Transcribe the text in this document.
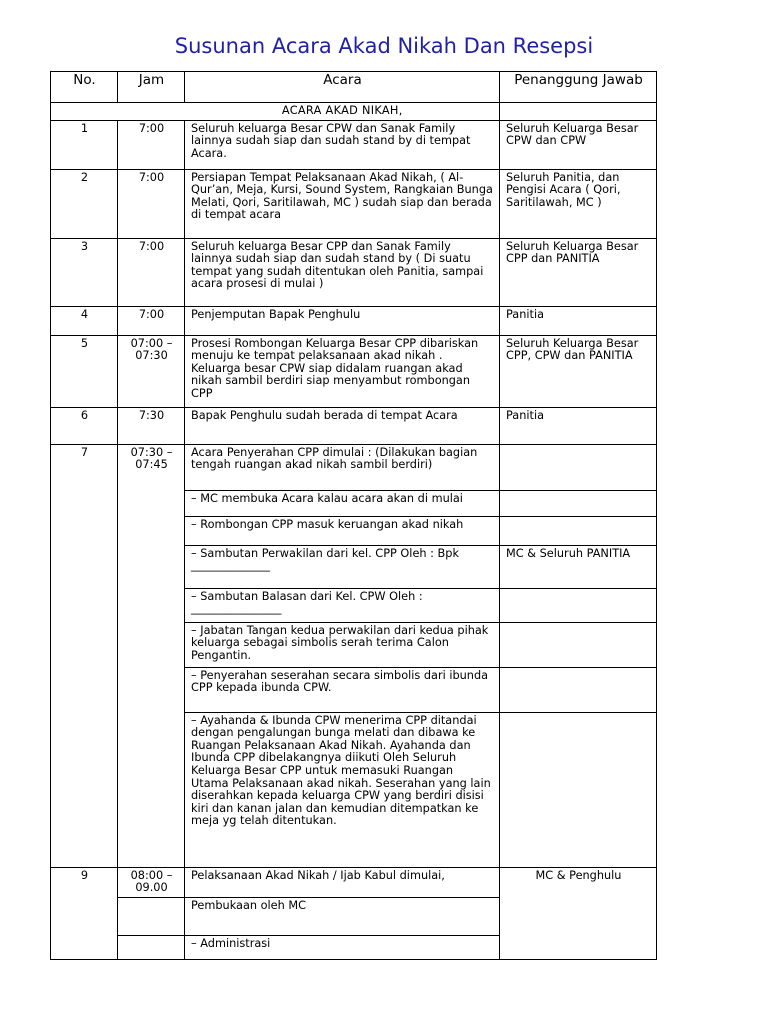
Susunan Acara Akad Nikah Dan Resepsi
No.	Jam	Acara	Penanggung Jawab
		ACARA AKAD NIKAH,	
1	7:00	Seluruh keluarga Besar CPW dan Sanak Family lainnya sudah siap dan sudah stand by di tempat Acara.	Seluruh Keluarga Besar CPW dan CPW
2	7:00	Persiapan Tempat Pelaksanaan Akad Nikah, ( Al-Qur’an, Meja, Kursi, Sound System, Rangkaian Bunga Melati, Qori, Saritilawah, MC ) sudah siap dan berada di tempat acara	Seluruh Panitia, dan Pengisi Acara ( Qori, Saritilawah, MC )
3	7:00	Seluruh keluarga Besar CPP dan Sanak Family lainnya sudah siap dan sudah stand by ( Di suatu tempat yang sudah ditentukan oleh Panitia, sampai acara prosesi di mulai )	Seluruh Keluarga Besar CPP dan PANITIA
4	7:00	Penjemputan Bapak Penghulu	Panitia
5	07:00 – 07:30	Prosesi Rombongan Keluarga Besar CPP dibariskan menuju ke tempat pelaksanaan akad nikah . Keluarga besar CPW siap didalam ruangan akad nikah sambil berdiri siap menyambut rombongan CPP	Seluruh Keluarga Besar CPP, CPW dan PANITIA
6	7:30	Bapak Penghulu sudah berada di tempat Acara	Panitia
7	07:30 – 07:45	Acara Penyerahan CPP dimulai : (Dilakukan bagian tengah ruangan akad nikah sambil berdiri)	
		– MC membuka Acara kalau acara akan di mulai	
		– Rombongan CPP masuk keruangan akad nikah	
		– Sambutan Perwakilan dari kel. CPP Oleh : Bpk ______________	MC & Seluruh PANITIA
		– Sambutan Balasan dari Kel. CPW Oleh : ________________	
		– Jabatan Tangan kedua perwakilan dari kedua pihak keluarga sebagai simbolis serah terima Calon Pengantin.	
		– Penyerahan seserahan secara simbolis dari ibunda CPP kepada ibunda CPW.	
		– Ayahanda & Ibunda CPW menerima CPP ditandai dengan pengalungan bunga melati dan dibawa ke Ruangan Pelaksanaan Akad Nikah. Ayahanda dan Ibunda CPP dibelakangnya diikuti Oleh Seluruh Keluarga Besar CPP untuk memasuki Ruangan Utama Pelaksanaan akad nikah. Seserahan yang lain diserahkan kepada keluarga CPW yang berdiri disisi kiri dan kanan jalan dan kemudian ditempatkan ke meja yg telah ditentukan.	
9	08:00 – 09.00	Pelaksanaan Akad Nikah / Ijab Kabul dimulai,	MC & Penghulu
		Pembukaan oleh MC	
		– Administrasi	
